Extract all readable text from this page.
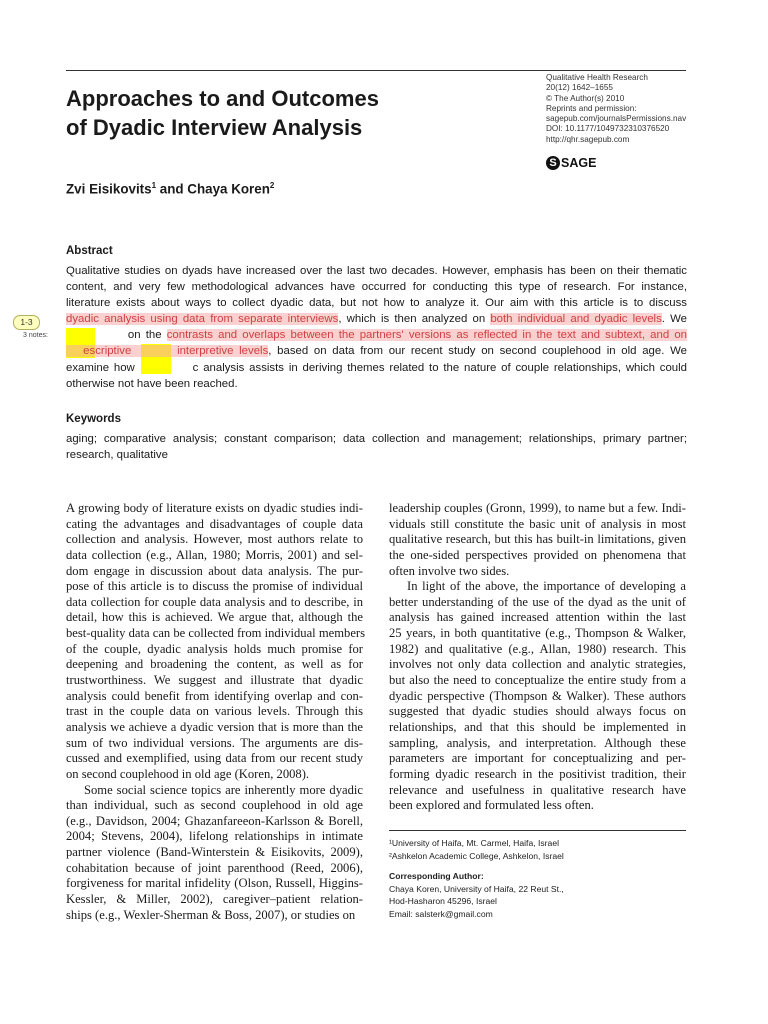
Approaches to and Outcomes
of Dyadic Interview Analysis
Qualitative Health Research
20(12) 1642–1655
© The Author(s) 2010
Reprints and permission:
sagepub.com/journalsPermissions.nav
DOI: 10.1177/1049732310376520
http://qhr.sagepub.com
S SAGE
Zvi Eisikovits$^1$ and Chaya Koren$^2$
Abstract
Qualitative studies on dyads have increased over the last two decades. However, emphasis has been on their thematic
content, and very few methodological advances have occurred for conducting this type of research. For instance,
literature exists about ways to collect dyadic data, but not how to analyze it. Our aim with this article is to discuss
dyadic analysis using data from separate interviews, which is then analyzed on both individual and dyadic levels. We
on the contrasts and overlaps between the partners' versions as reflected in the text and subtext, and on
escriptive        interpretive levels, based on data from our recent study on second couplehood in old age. We
examine how            c analysis assists in deriving themes related to the nature of couple relationships, which could
otherwise not have been reached.
1-3
3 notes:
Keywords
aging; comparative analysis; constant comparison; data collection and management; relationships, primary partner;
research, qualitative
A growing body of literature exists on dyadic studies indi-
cating the advantages and disadvantages of couple data
collection and analysis. However, most authors relate to
data collection (e.g., Allan, 1980; Morris, 2001) and sel-
dom engage in discussion about data analysis. The pur-
pose of this article is to discuss the promise of individual
data collection for couple data analysis and to describe, in
detail, how this is achieved. We argue that, although the
best-quality data can be collected from individual members
of the couple, dyadic analysis holds much promise for
deepening and broadening the content, as well as for
trustworthiness. We suggest and illustrate that dyadic
analysis could benefit from identifying overlap and con-
trast in the couple data on various levels. Through this
analysis we achieve a dyadic version that is more than the
sum of two individual versions. The arguments are dis-
cussed and exemplified, using data from our recent study
on second couplehood in old age (Koren, 2008).
Some social science topics are inherently more dyadic
than individual, such as second couplehood in old age
(e.g., Davidson, 2004; Ghazanfareeon-Karlsson & Borell,
2004; Stevens, 2004), lifelong relationships in intimate
partner violence (Band-Winterstein & Eisikovits, 2009),
cohabitation because of joint parenthood (Reed, 2006),
forgiveness for marital infidelity (Olson, Russell, Higgins-
Kessler, & Miller, 2002), caregiver–patient relation-
ships (e.g., Wexler-Sherman & Boss, 2007), or studies on
leadership couples (Gronn, 1999), to name but a few. Indi-
viduals still constitute the basic unit of analysis in most
qualitative research, but this has built-in limitations, given
the one-sided perspectives provided on phenomena that
often involve two sides.
In light of the above, the importance of developing a
better understanding of the use of the dyad as the unit of
analysis has gained increased attention within the last
25 years, in both quantitative (e.g., Thompson & Walker,
1982) and qualitative (e.g., Allan, 1980) research. This
involves not only data collection and analytic strategies,
but also the need to conceptualize the entire study from a
dyadic perspective (Thompson & Walker). These authors
suggested that dyadic studies should always focus on
relationships, and that this should be implemented in
sampling, analysis, and interpretation. Although these
parameters are important for conceptualizing and per-
forming dyadic research in the positivist tradition, their
relevance and usefulness in qualitative research have
been explored and formulated less often.
¹University of Haifa, Mt. Carmel, Haifa, Israel
²Ashkelon Academic College, Ashkelon, Israel
Corresponding Author:
Chaya Koren, University of Haifa, 22 Reut St.,
Hod-Hasharon 45296, Israel
Email: salsterk@gmail.com
